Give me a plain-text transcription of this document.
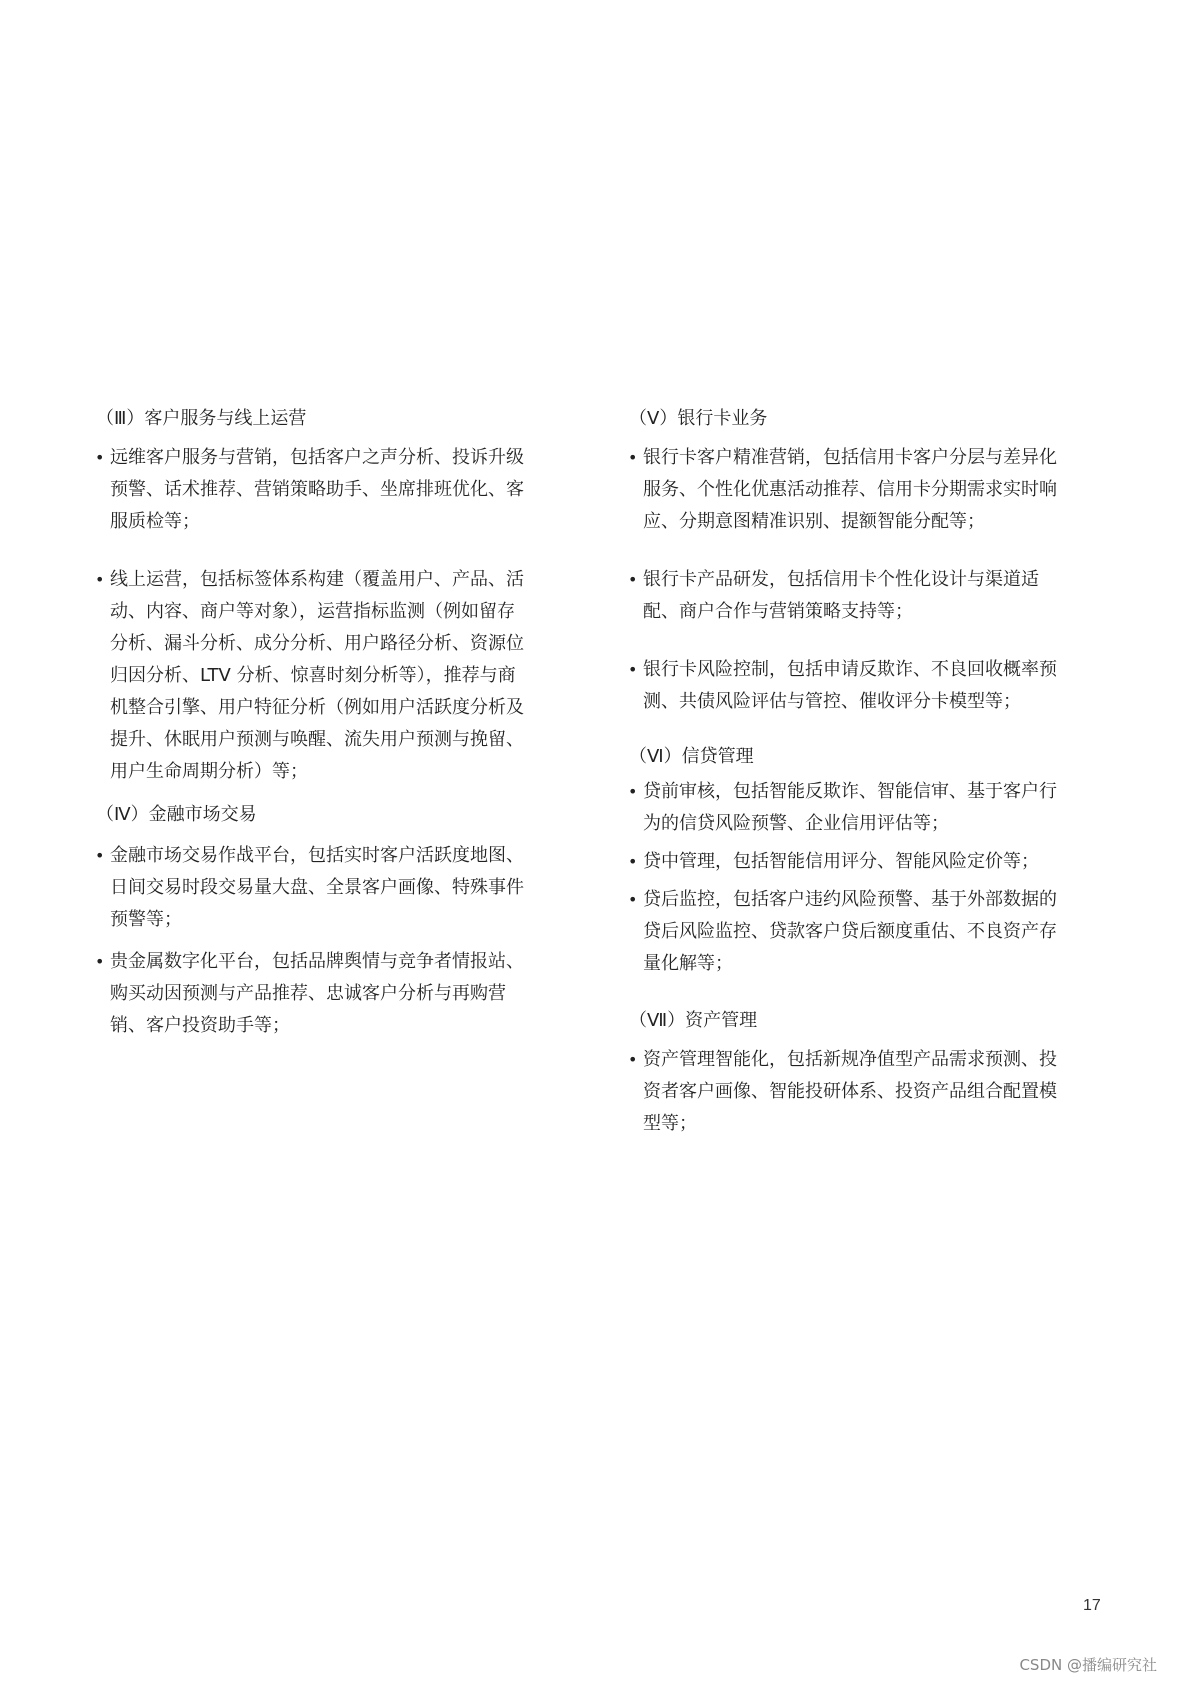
（Ⅲ）客户服务与线上运营
• 远维客户服务与营销，包括客户之声分析、投诉升级
预警、话术推荐、营销策略助手、坐席排班优化、客
服质检等；
• 线上运营，包括标签体系构建（覆盖用户、产品、活
动、内容、商户等对象），运营指标监测（例如留存
分析、漏斗分析、成分分析、用户路径分析、资源位
归因分析、LTV 分析、惊喜时刻分析等），推荐与商
机整合引擎、用户特征分析（例如用户活跃度分析及
提升、休眠用户预测与唤醒、流失用户预测与挽留、
用户生命周期分析）等；
（Ⅳ）金融市场交易
• 金融市场交易作战平台，包括实时客户活跃度地图、
日间交易时段交易量大盘、全景客户画像、特殊事件
预警等；
• 贵金属数字化平台，包括品牌舆情与竞争者情报站、
购买动因预测与产品推荐、忠诚客户分析与再购营
销、客户投资助手等；
（Ⅴ）银行卡业务
• 银行卡客户精准营销，包括信用卡客户分层与差异化
服务、个性化优惠活动推荐、信用卡分期需求实时响
应、分期意图精准识别、提额智能分配等；
• 银行卡产品研发，包括信用卡个性化设计与渠道适
配、商户合作与营销策略支持等；
• 银行卡风险控制，包括申请反欺诈、不良回收概率预
测、共债风险评估与管控、催收评分卡模型等；
（Ⅵ）信贷管理
• 贷前审核，包括智能反欺诈、智能信审、基于客户行
为的信贷风险预警、企业信用评估等；
• 贷中管理，包括智能信用评分、智能风险定价等；
• 贷后监控，包括客户违约风险预警、基于外部数据的
贷后风险监控、贷款客户贷后额度重估、不良资产存
量化解等；
（Ⅶ）资产管理
• 资产管理智能化，包括新规净值型产品需求预测、投
资者客户画像、智能投研体系、投资产品组合配置模
型等；
17
CSDN @播编研究社
